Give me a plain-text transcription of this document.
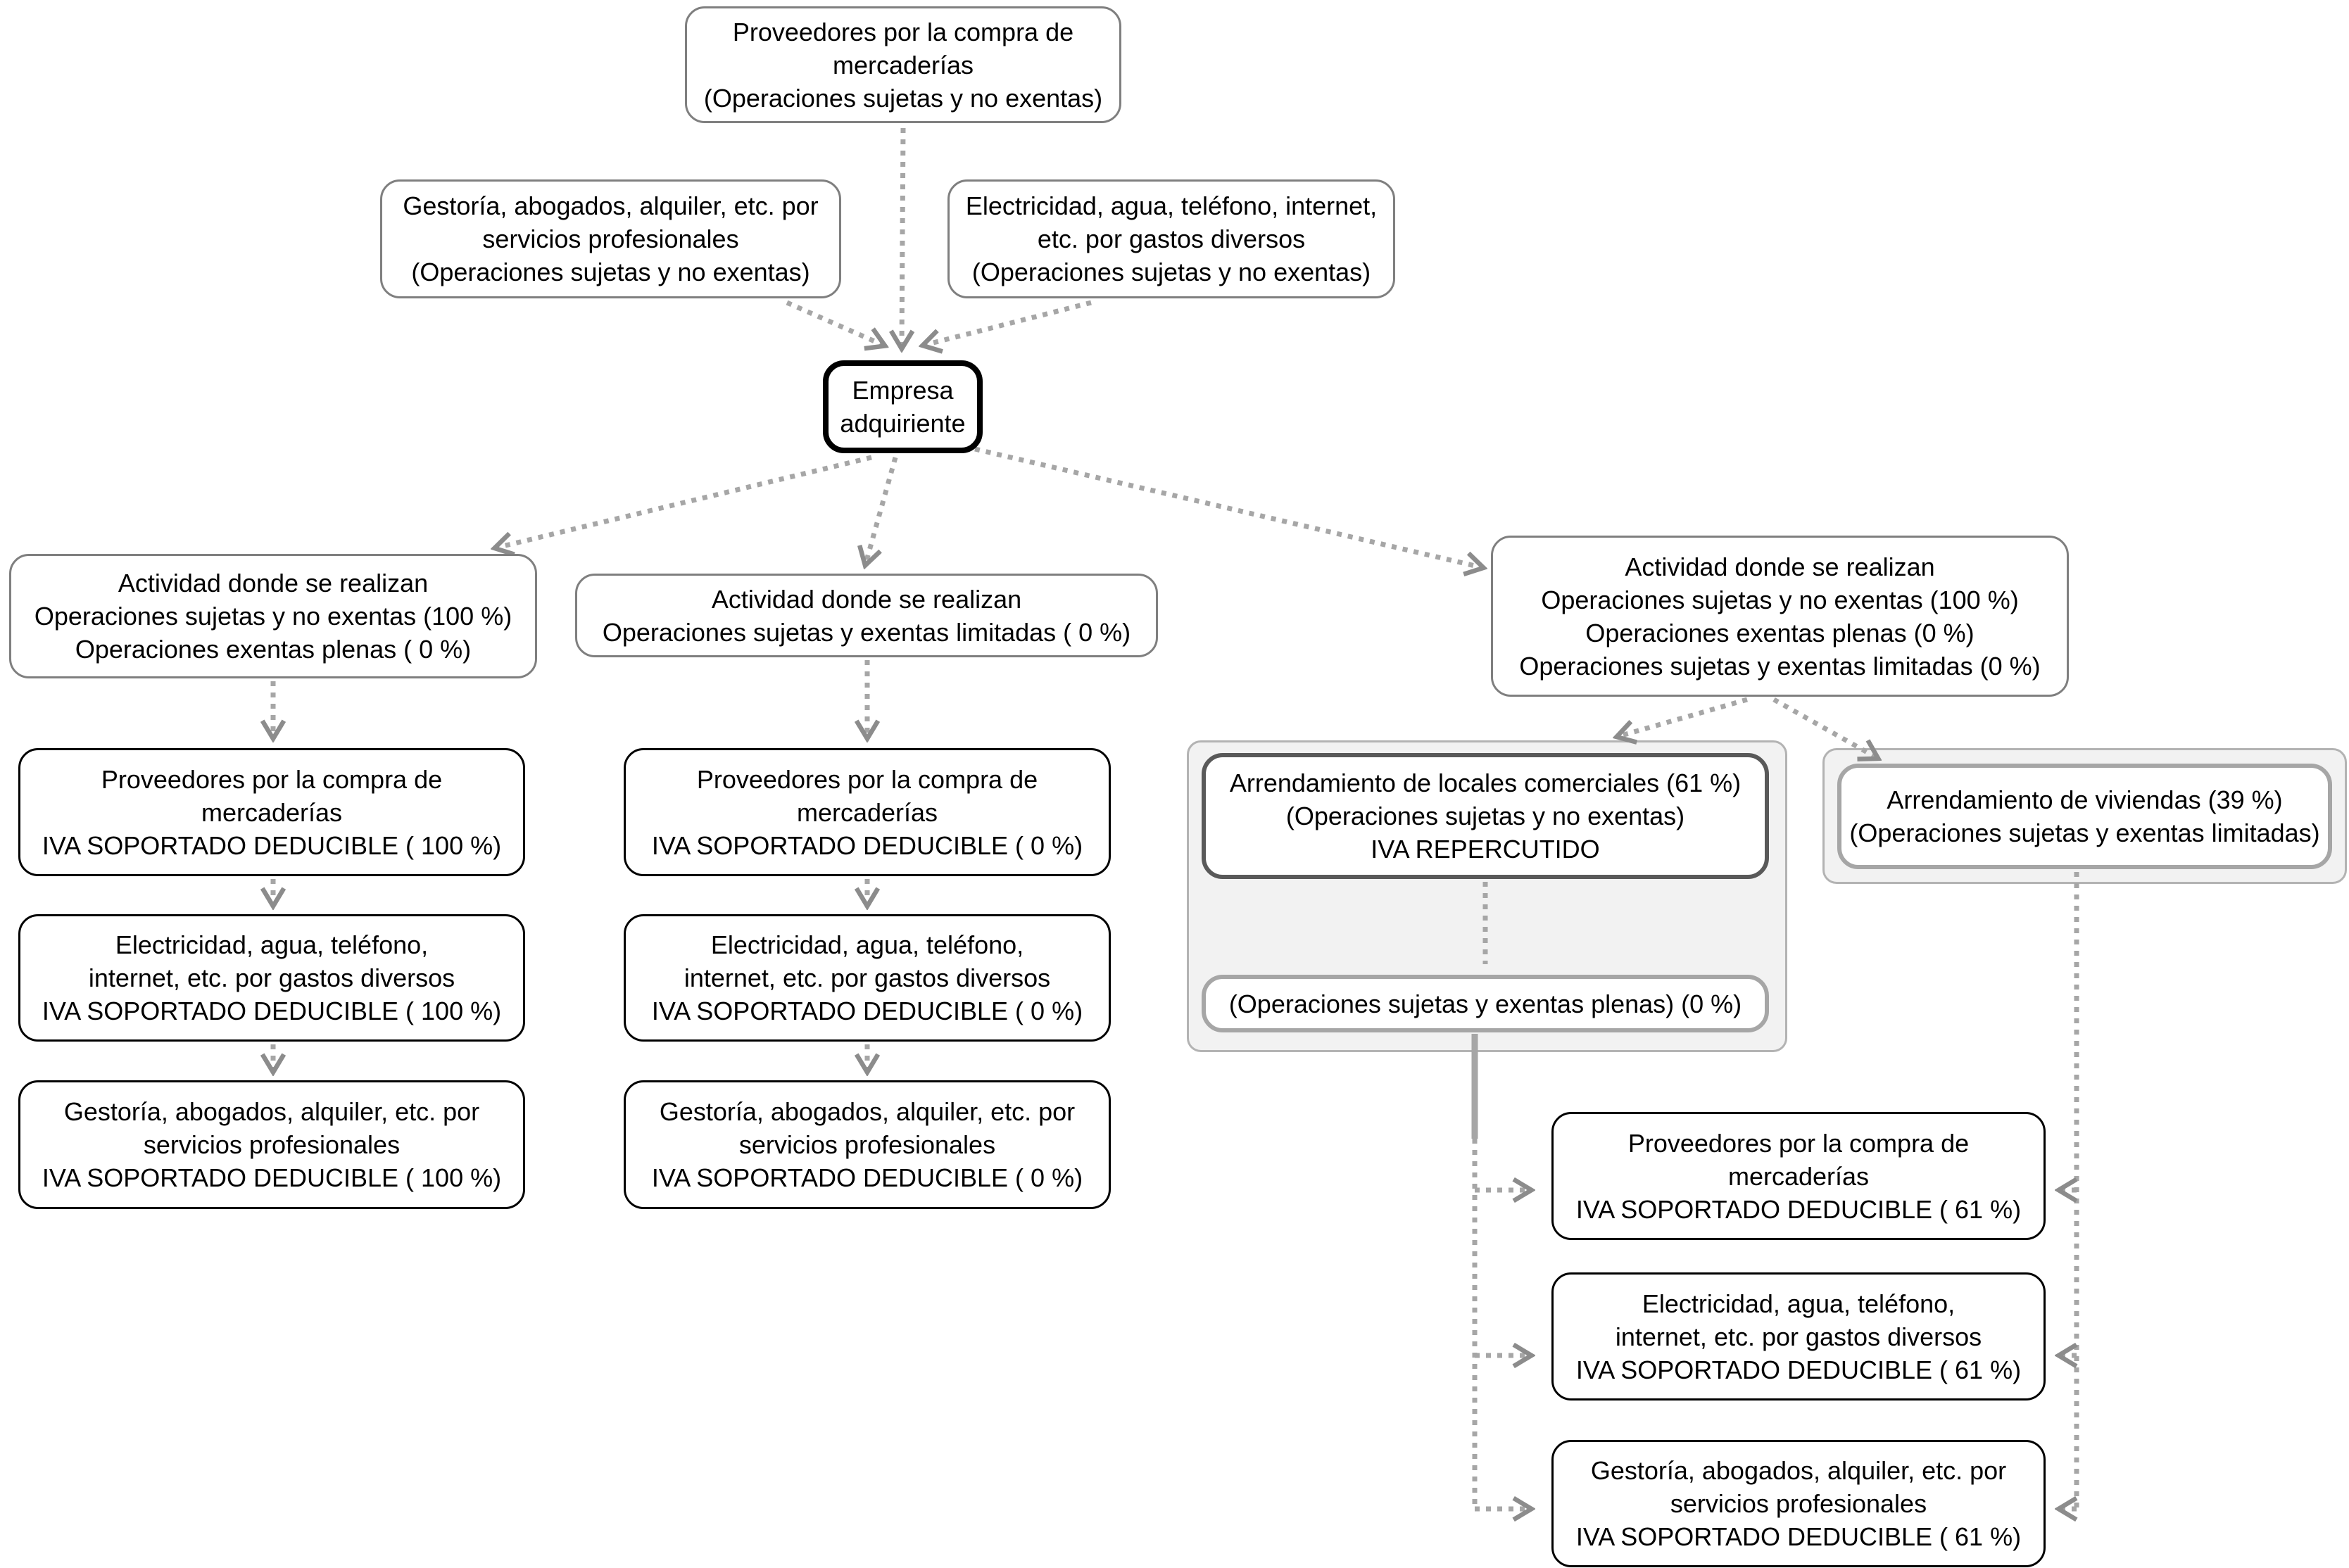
Proveedores por la compra de
mercaderías
(Operaciones sujetas y no exentas)
Gestoría, abogados, alquiler, etc. por
servicios profesionales
(Operaciones sujetas y no exentas)
Electricidad, agua, teléfono, internet,
etc. por gastos diversos
(Operaciones sujetas y no exentas)
Empresa
adquiriente
Actividad donde se realizan
Operaciones sujetas y no exentas (100 %)
Operaciones exentas plenas ( 0 %)
Actividad donde se realizan
Operaciones sujetas y exentas limitadas ( 0 %)
Actividad donde se realizan
Operaciones sujetas y no exentas (100 %)
Operaciones exentas plenas (0 %)
Operaciones sujetas y exentas limitadas (0 %)
Proveedores por la compra de
mercaderías
IVA SOPORTADO DEDUCIBLE ( 100 %)
Electricidad, agua, teléfono,
internet, etc. por gastos diversos
IVA SOPORTADO DEDUCIBLE ( 100 %)
Gestoría, abogados, alquiler, etc. por
servicios profesionales
IVA SOPORTADO DEDUCIBLE ( 100 %)
Proveedores por la compra de
mercaderías
IVA SOPORTADO DEDUCIBLE ( 0 %)
Electricidad, agua, teléfono,
internet, etc. por gastos diversos
IVA SOPORTADO DEDUCIBLE ( 0 %)
Gestoría, abogados, alquiler, etc. por
servicios profesionales
IVA SOPORTADO DEDUCIBLE ( 0 %)
Arrendamiento de locales comerciales (61 %)
(Operaciones sujetas y no exentas)
IVA REPERCUTIDO
(Operaciones sujetas y exentas plenas) (0 %)
Arrendamiento de viviendas (39 %)
(Operaciones sujetas y exentas limitadas)
Proveedores por la compra de
mercaderías
IVA SOPORTADO DEDUCIBLE ( 61 %)
Electricidad, agua, teléfono,
internet, etc. por gastos diversos
IVA SOPORTADO DEDUCIBLE ( 61 %)
Gestoría, abogados, alquiler, etc. por
servicios profesionales
IVA SOPORTADO DEDUCIBLE ( 61 %)
